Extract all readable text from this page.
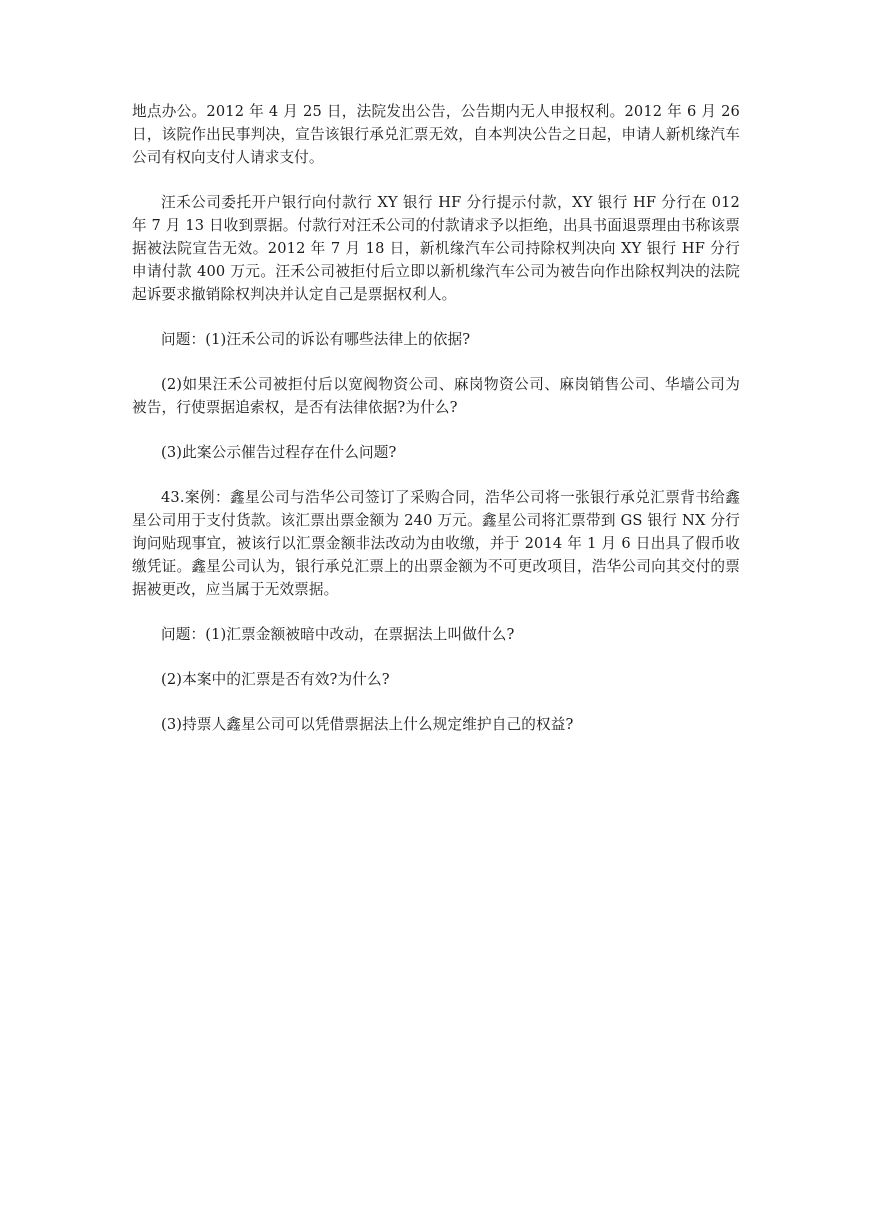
地点办公。2012 年 4 月 25 日，法院发出公告，公告期内无人申报权利。2012 年 6 月 26 日，该院作出民事判决，宣告该银行承兑汇票无效，自本判决公告之日起，申请人新机缘汽车公司有权向支付人请求支付。

汪禾公司委托开户银行向付款行 XY 银行 HF 分行提示付款，XY 银行 HF 分行在 012 年 7 月 13 日收到票据。付款行对汪禾公司的付款请求予以拒绝，出具书面退票理由书称该票据被法院宣告无效。2012 年 7 月 18 日，新机缘汽车公司持除权判决向 XY 银行 HF 分行申请付款 400 万元。汪禾公司被拒付后立即以新机缘汽车公司为被告向作出除权判决的法院起诉要求撤销除权判决并认定自己是票据权利人。

问题：(1)汪禾公司的诉讼有哪些法律上的依据?

(2)如果汪禾公司被拒付后以宽阀物资公司、麻岗物资公司、麻岗销售公司、华墙公司为被告，行使票据追索权，是否有法律依据?为什么?

(3)此案公示催告过程存在什么问题?

43.案例：鑫星公司与浩华公司签订了采购合同，浩华公司将一张银行承兑汇票背书给鑫星公司用于支付货款。该汇票出票金额为 240 万元。鑫星公司将汇票带到 GS 银行 NX 分行询问贴现事宜，被该行以汇票金额非法改动为由收缴，并于 2014 年 1 月 6 日出具了假币收缴凭证。鑫星公司认为，银行承兑汇票上的出票金额为不可更改项目，浩华公司向其交付的票据被更改，应当属于无效票据。

问题：(1)汇票金额被暗中改动，在票据法上叫做什么?

(2)本案中的汇票是否有效?为什么?

(3)持票人鑫星公司可以凭借票据法上什么规定维护自己的权益?
